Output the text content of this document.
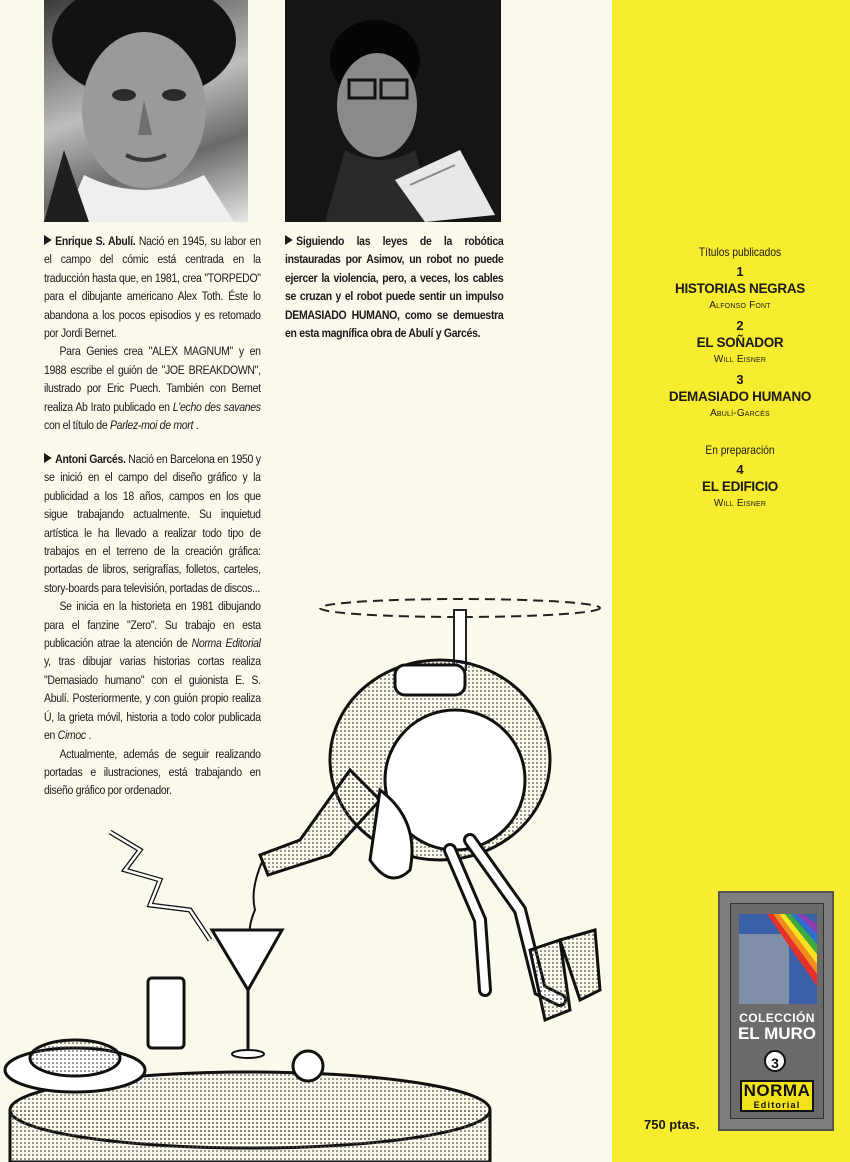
Enrique S. Abulí. Nació en 1945, su labor en el campo del cómic está centrada en la traducción hasta que, en 1981, crea "TORPEDO" para el dibujante americano Alex Toth. Éste lo abandona a los pocos episodios y es retomado por Jordi Bernet.

Para Genies crea "ALEX MAGNUM" y en 1988 escribe el guión de "JOE BREAKDOWN", ilustrado por Eric Puech. También con Bernet realiza Ab Irato publicado en L'echo des savanes con el título de Parlez-moi de mort .

Antoni Garcés. Nació en Barcelona en 1950 y se inició en el campo del diseño gráfico y la publicidad a los 18 años, campos en los que sigue trabajando actualmente. Su inquietud artística le ha llevado a realizar todo tipo de trabajos en el terreno de la creación gráfica: portadas de libros, serigrafías, folletos, carteles, story-boards para televisión, portadas de discos...

Se inicia en la historieta en 1981 dibujando para el fanzine "Zero". Su trabajo en esta publicación atrae la atención de Norma Editorial y, tras dibujar varias historias cortas realiza "Demasiado humano" con el guionista E. S. Abulí. Posteriormente, y con guión propio realiza Ú, la grieta móvil, historia a todo color publicada en Cimoc .

Actualmente, además de seguir realizando portadas e ilustraciones, está trabajando en diseño gráfico por ordenador.

Siguiendo las leyes de la robótica instauradas por Asimov, un robot no puede ejercer la violencia, pero, a veces, los cables se cruzan y el robot puede sentir un impulso DEMASIADO HUMANO, como se demuestra en esta magnífica obra de Abulí y Garcés.

Títulos publicados
1
HISTORIAS NEGRAS
Alfonso Font
2
EL SOÑADOR
Will Eisner
3
DEMASIADO HUMANO
Abulí-Garcés
En preparación
4
EL EDIFICIO
Will Eisner
COLECCIÓN
EL MURO
3
NORMA
Editorial
750 ptas.
